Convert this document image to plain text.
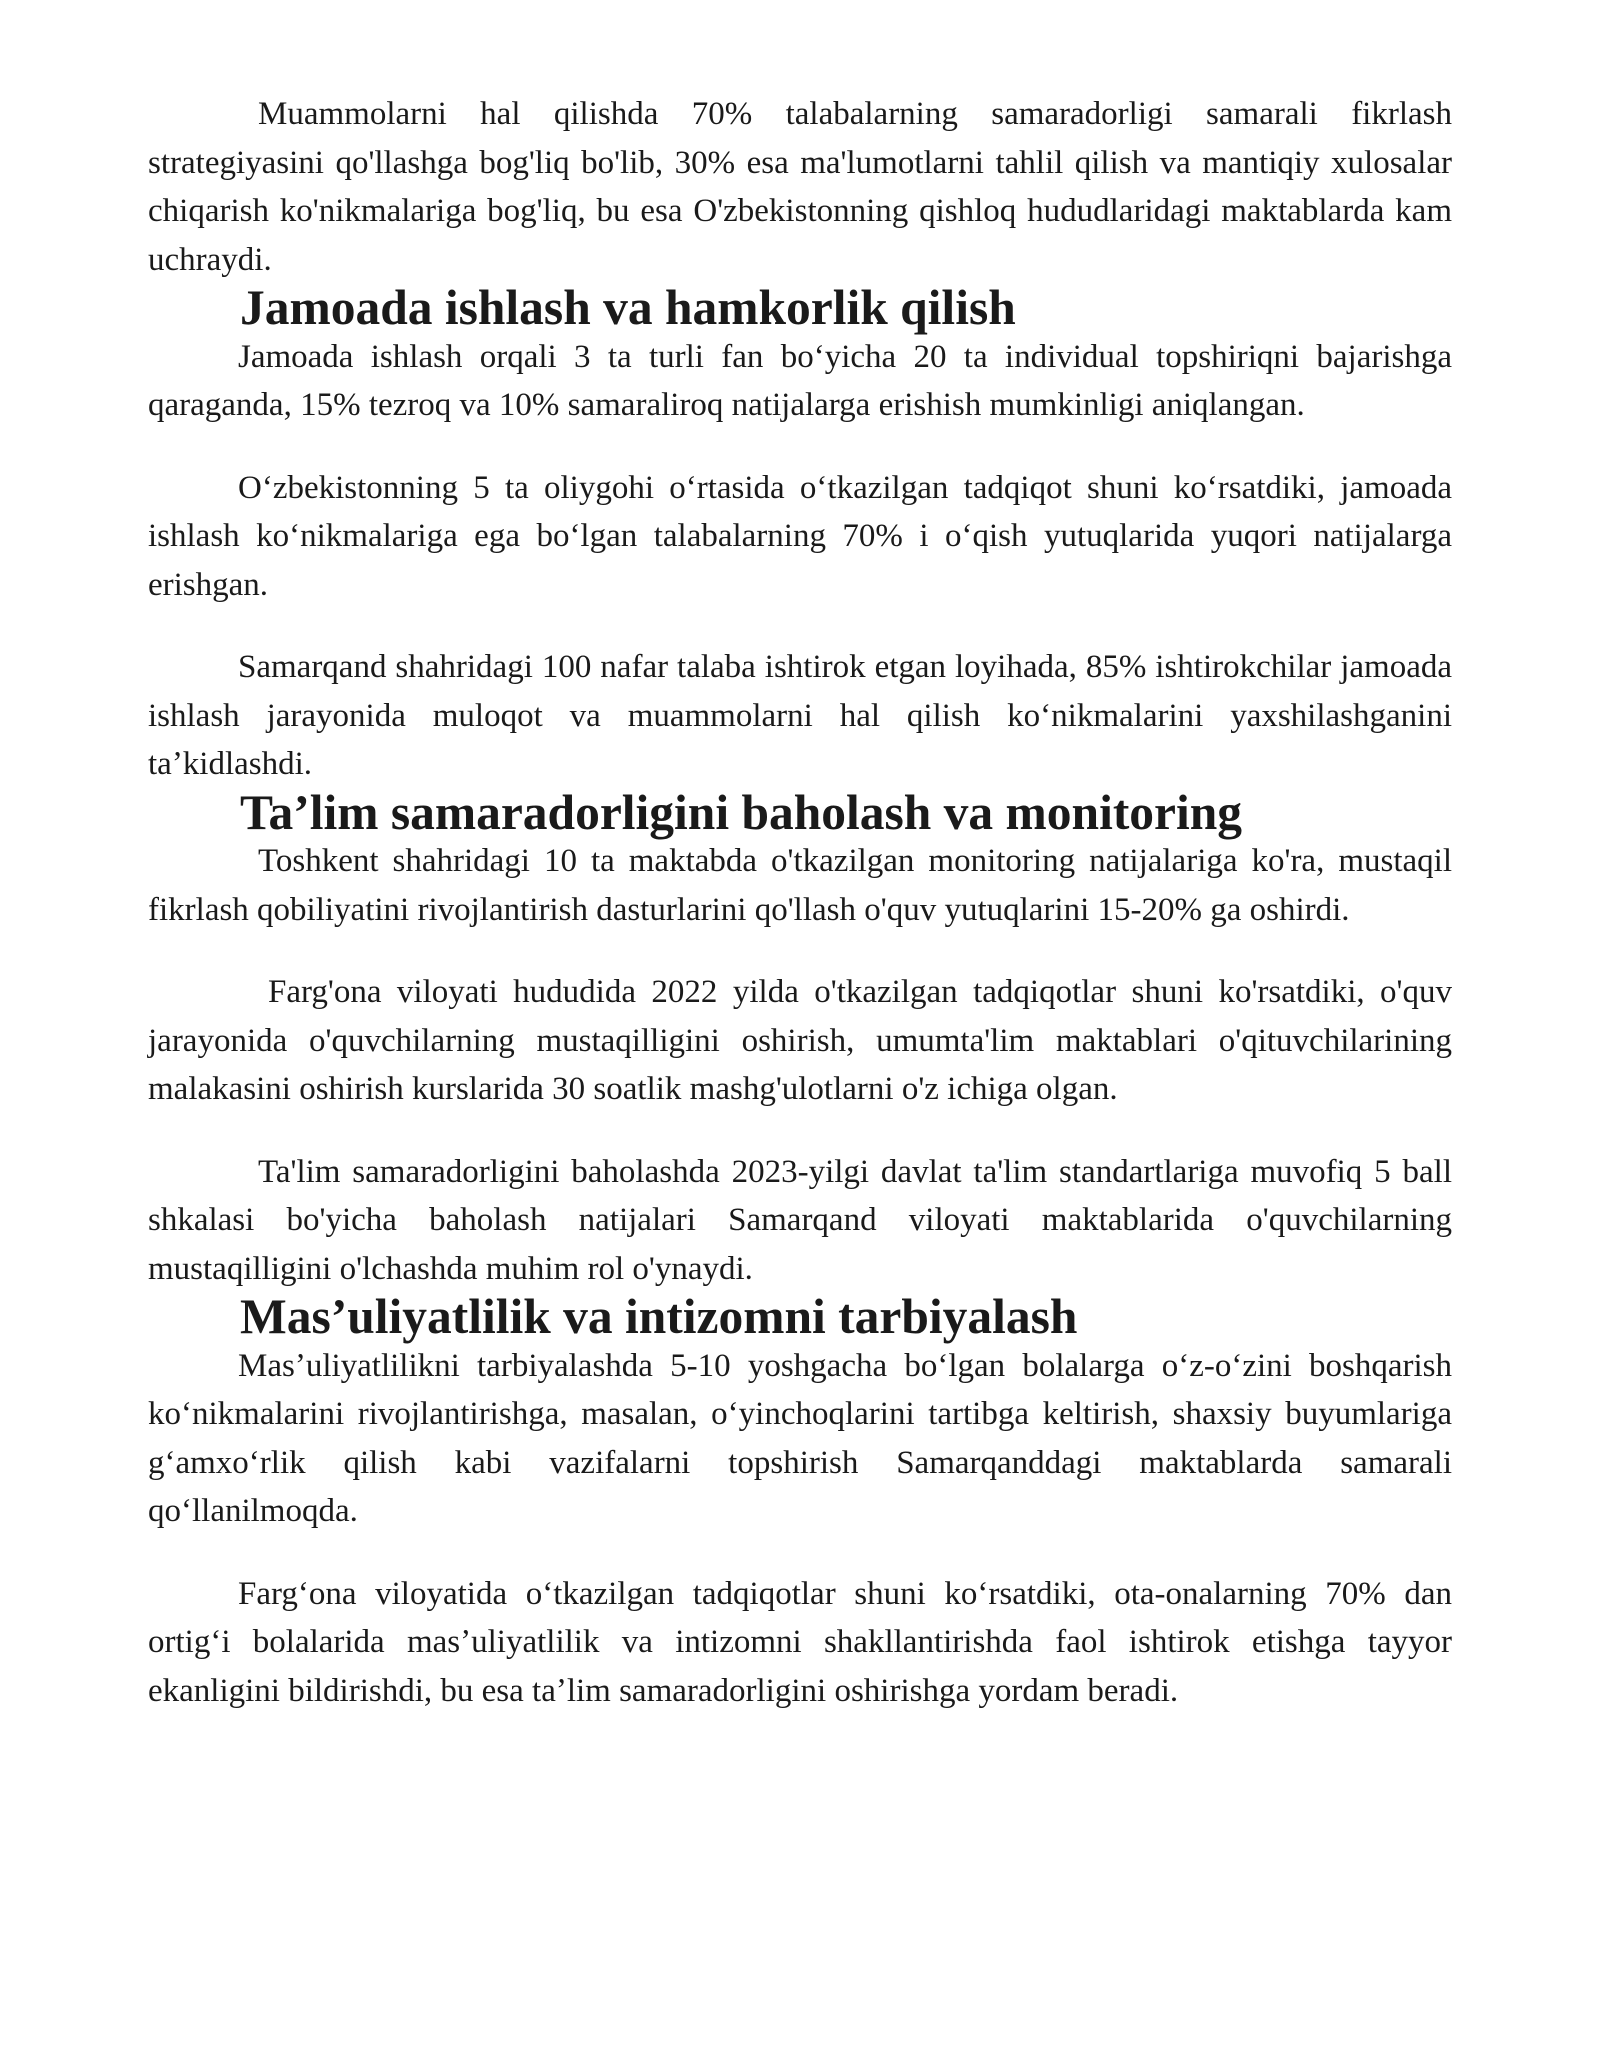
Muammolarni hal qilishda 70% talabalarning samaradorligi samarali fikrlash strategiyasini qo'llashga bog'liq bo'lib, 30% esa ma'lumotlarni tahlil qilish va mantiqiy xulosalar chiqarish ko'nikmalariga bog'liq, bu esa O'zbekistonning qishloq hududlaridagi maktablarda kam uchraydi.

Jamoada ishlash va hamkorlik qilish

Jamoada ishlash orqali 3 ta turli fan boʻyicha 20 ta individual topshiriqni bajarishga qaraganda, 15% tezroq va 10% samaraliroq natijalarga erishish mumkinligi aniqlangan.

Oʻzbekistonning 5 ta oliygohi oʻrtasida oʻtkazilgan tadqiqot shuni koʻrsatdiki, jamoada ishlash koʻnikmalariga ega boʻlgan talabalarning 70% i oʻqish yutuqlarida yuqori natijalarga erishgan.

Samarqand shahridagi 100 nafar talaba ishtirok etgan loyihada, 85% ishtirokchilar jamoada ishlash jarayonida muloqot va muammolarni hal qilish koʻnikmalarini yaxshilashganini taʼkidlashdi.

Taʼlim samaradorligini baholash va monitoring

Toshkent shahridagi 10 ta maktabda o'tkazilgan monitoring natijalariga ko'ra, mustaqil fikrlash qobiliyatini rivojlantirish dasturlarini qo'llash o'quv yutuqlarini 15-20% ga oshirdi.

Farg'ona viloyati hududida 2022 yilda o'tkazilgan tadqiqotlar shuni ko'rsatdiki, o'quv jarayonida o'quvchilarning mustaqilligini oshirish, umumta'lim maktablari o'qituvchilarining malakasini oshirish kurslarida 30 soatlik mashg'ulotlarni o'z ichiga olgan.

Ta'lim samaradorligini baholashda 2023-yilgi davlat ta'lim standartlariga muvofiq 5 ball shkalasi bo'yicha baholash natijalari Samarqand viloyati maktablarida o'quvchilarning mustaqilligini o'lchashda muhim rol o'ynaydi.

Masʼuliyatlilik va intizomni tarbiyalash

Masʼuliyatlilikni tarbiyalashda 5-10 yoshgacha boʻlgan bolalarga oʻz-oʻzini boshqarish koʻnikmalarini rivojlantirishga, masalan, oʻyinchoqlarini tartibga keltirish, shaxsiy buyumlariga gʻamxoʻrlik qilish kabi vazifalarni topshirish Samarqanddagi maktablarda samarali qoʻllanilmoqda.

Fargʻona viloyatida oʻtkazilgan tadqiqotlar shuni koʻrsatdiki, ota-onalarning 70% dan ortigʻi bolalarida masʼuliyatlilik va intizomni shakllantirishda faol ishtirok etishga tayyor ekanligini bildirishdi, bu esa taʼlim samaradorligini oshirishga yordam beradi.
